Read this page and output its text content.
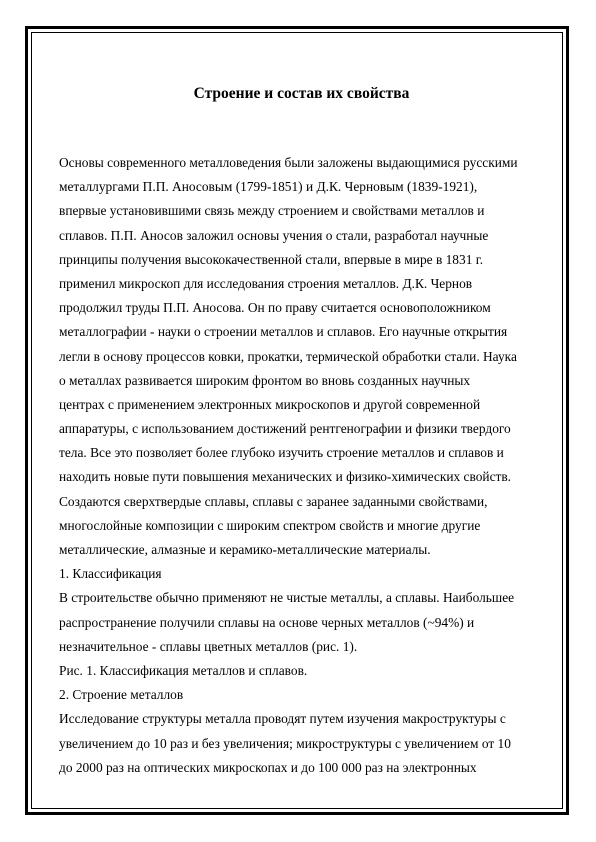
Строение и состав их свойства

Основы современного металловедения были заложены выдающимися русскими

металлургами П.П. Аносовым (1799-1851) и Д.К. Черновым (1839-1921),

впервые установившими связь между строением и свойствами металлов и

сплавов. П.П. Аносов заложил основы учения о стали, разработал научные

принципы получения высококачественной стали, впервые в мире в 1831 г.

применил микроскоп для исследования строения металлов. Д.К. Чернов

продолжил труды П.П. Аносова. Он по праву считается основоположником

металлографии - науки о строении металлов и сплавов. Его научные открытия

легли в основу процессов ковки, прокатки, термической обработки стали. Наука

о металлах развивается широким фронтом во вновь созданных научных

центрах с применением электронных микроскопов и другой современной

аппаратуры, с использованием достижений рентгенографии и физики твердого

тела. Все это позволяет более глубоко изучить строение металлов и сплавов и

находить новые пути повышения механических и физико-химических свойств.

Создаются сверхтвердые сплавы, сплавы с заранее заданными свойствами,

многослойные композиции с широким спектром свойств и многие другие

металлические, алмазные и керамико-металлические материалы.

1. Классификация

В строительстве обычно применяют не чистые металлы, а сплавы. Наибольшее

распространение получили сплавы на основе черных металлов (~94%) и

незначительное - сплавы цветных металлов (рис. 1).

Рис. 1. Классификация металлов и сплавов.

2. Строение металлов

Исследование структуры металла проводят путем изучения макроструктуры с

увеличением до 10 раз и без увеличения; микроструктуры с увеличением от 10

до 2000 раз на оптических микроскопах и до 100 000 раз на электронных
